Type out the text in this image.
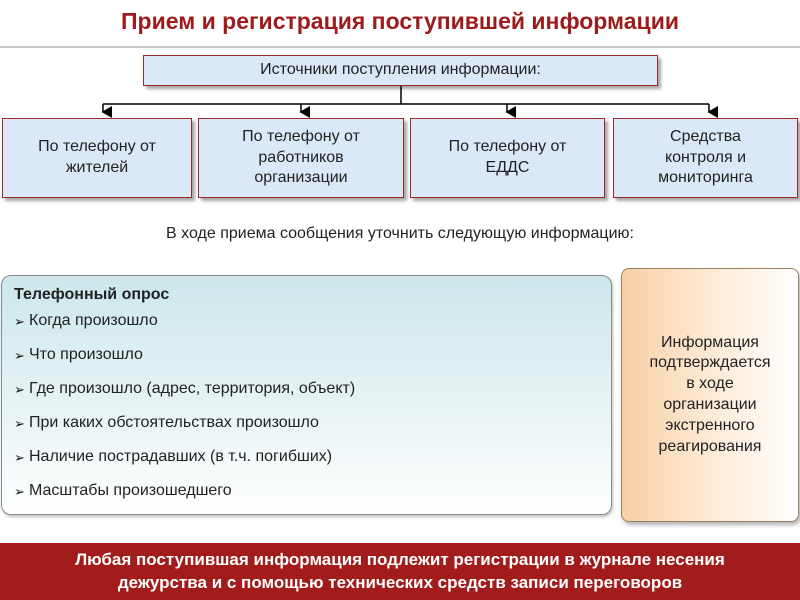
Прием и регистрация поступившей информации
Источники поступления информации:
По телефону от
жителей
По телефону от
работников
организации
По телефону от
ЕДДС
Средства
контроля и
мониторинга
В ходе приема сообщения уточнить следующую информацию:
Телефонный опрос
➢ Когда произошло
➢ Что произошло
➢ Где произошло (адрес, территория, объект)
➢ При каких обстоятельствах произошло
➢ Наличие пострадавших (в т.ч. погибших)
➢ Масштабы произошедшего
Информация
подтверждается
в ходе
организации
экстренного
реагирования
Любая поступившая информация подлежит регистрации в журнале несения
дежурства и с помощью технических средств записи переговоров
